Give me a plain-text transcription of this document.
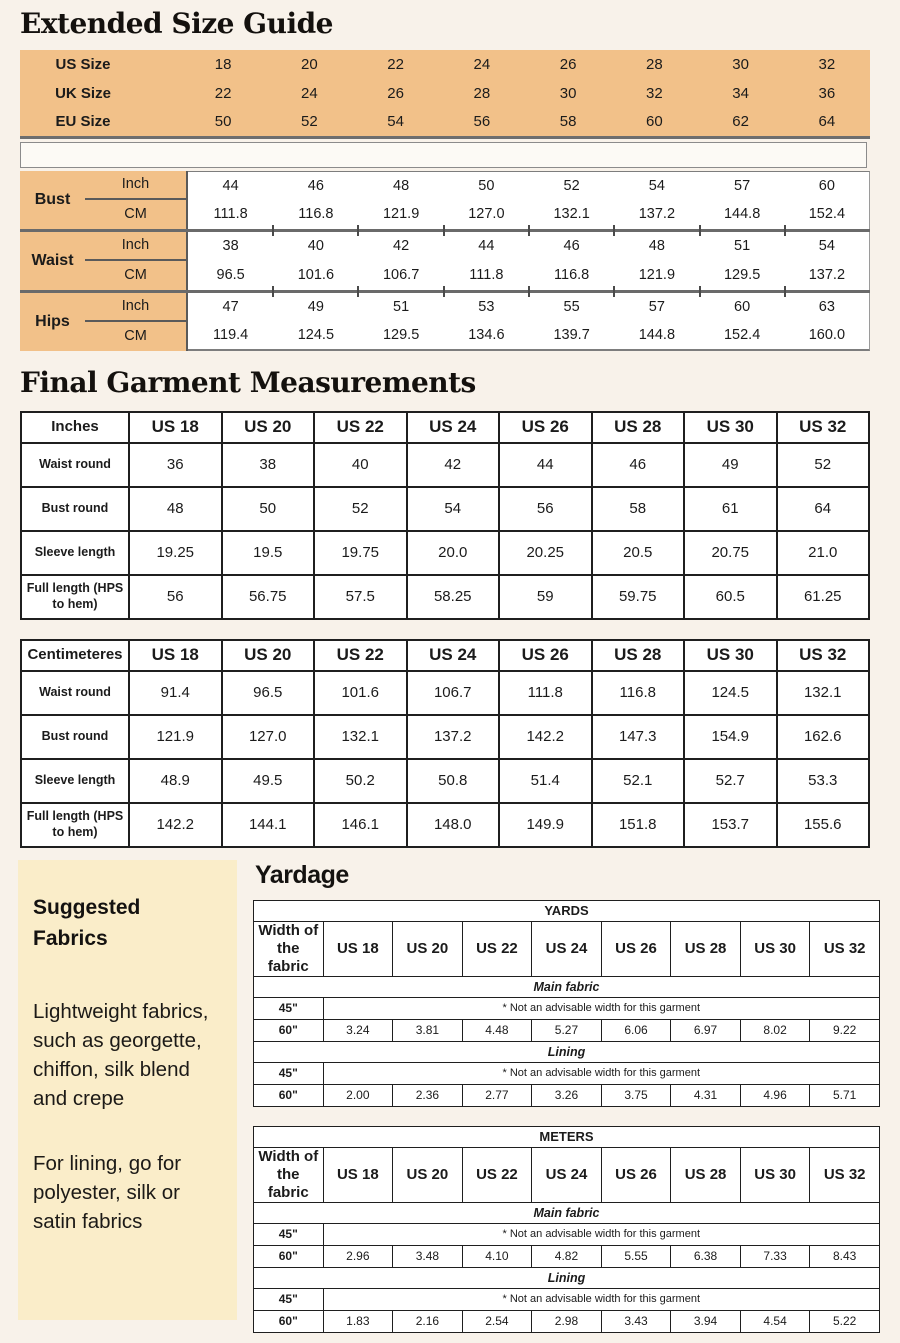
Extended Size Guide
US Size	18	20	22	24	26	28	30	32
UK Size	22	24	26	28	30	32	34	36
EU Size	50	52	54	56	58	60	62	64
Bust
Inch	44	46	48	50	52	54	57	60
CM	111.8	116.8	121.9	127.0	132.1	137.2	144.8	152.4
Waist
Inch	38	40	42	44	46	48	51	54
CM	96.5	101.6	106.7	111.8	116.8	121.9	129.5	137.2
Hips
Inch	47	49	51	53	55	57	60	63
CM	119.4	124.5	129.5	134.6	139.7	144.8	152.4	160.0
Final Garment Measurements
Inches	US 18	US 20	US 22	US 24	US 26	US 28	US 30	US 32
Waist round	36	38	40	42	44	46	49	52
Bust round	48	50	52	54	56	58	61	64
Sleeve length	19.25	19.5	19.75	20.0	20.25	20.5	20.75	21.0
Full length (HPS to hem)	56	56.75	57.5	58.25	59	59.75	60.5	61.25
Centimeteres	US 18	US 20	US 22	US 24	US 26	US 28	US 30	US 32
Waist round	91.4	96.5	101.6	106.7	111.8	116.8	124.5	132.1
Bust round	121.9	127.0	132.1	137.2	142.2	147.3	154.9	162.6
Sleeve length	48.9	49.5	50.2	50.8	51.4	52.1	52.7	53.3
Full length (HPS to hem)	142.2	144.1	146.1	148.0	149.9	151.8	153.7	155.6
Suggested Fabrics

Lightweight fabrics, such as georgette, chiffon, silk blend and crepe

For lining, go for polyester, silk or satin fabrics

Yardage
YARDS								
Width of the fabric	US 18	US 20	US 22	US 24	US 26	US 28	US 30	US 32
Main fabric								
45"	* Not an advisable width for this garment							
60"	3.24	3.81	4.48	5.27	6.06	6.97	8.02	9.22
Lining								
45"	* Not an advisable width for this garment							
60"	2.00	2.36	2.77	3.26	3.75	4.31	4.96	5.71
METERS								
Width of the fabric	US 18	US 20	US 22	US 24	US 26	US 28	US 30	US 32
Main fabric								
45"	* Not an advisable width for this garment							
60"	2.96	3.48	4.10	4.82	5.55	6.38	7.33	8.43
Lining								
45"	* Not an advisable width for this garment							
60"	1.83	2.16	2.54	2.98	3.43	3.94	4.54	5.22
